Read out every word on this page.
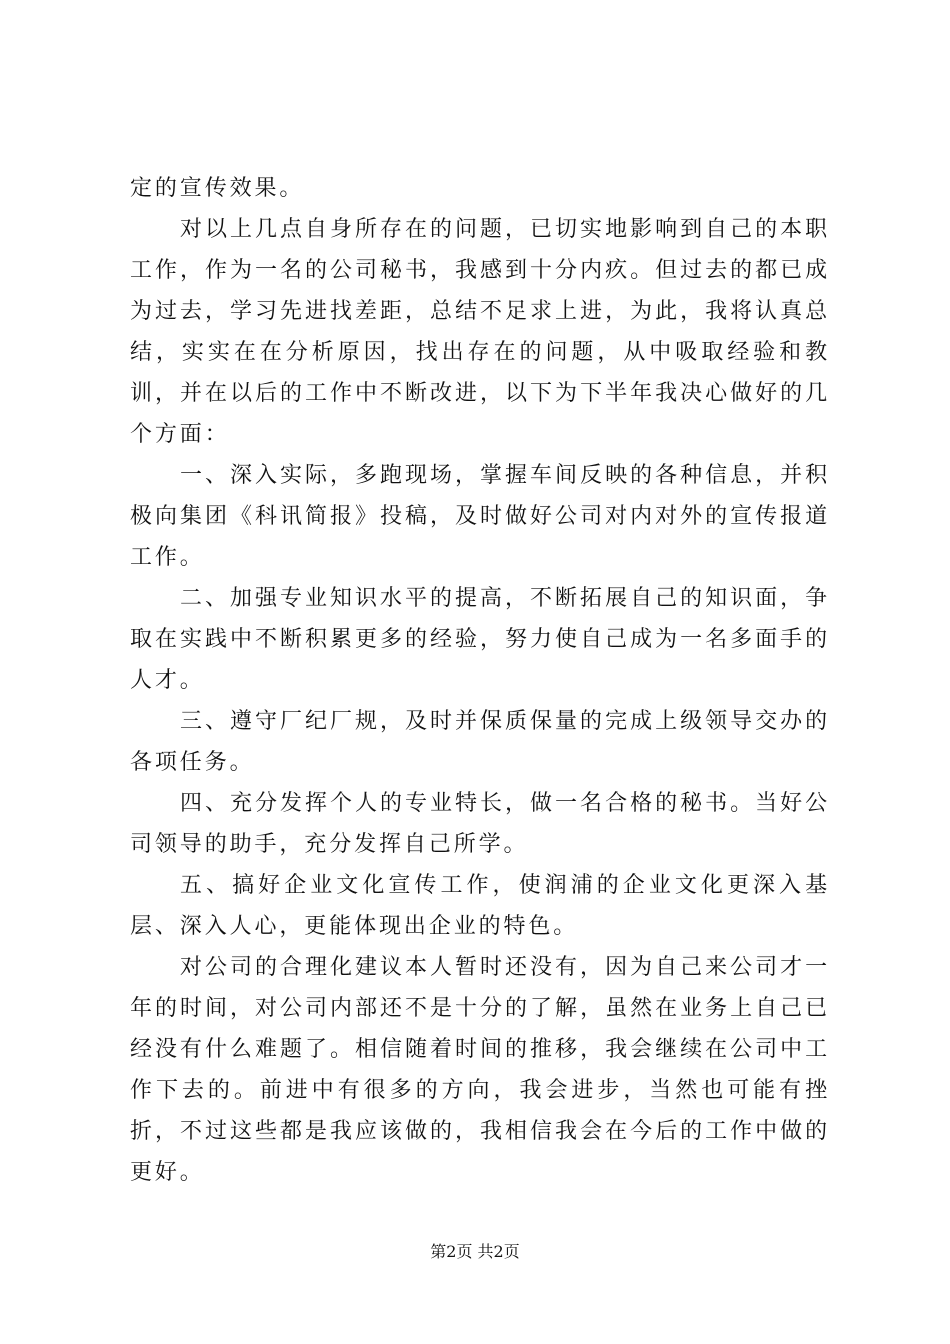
定的宣传效果。

对以上几点自身所存在的问题，已切实地影响到自己的本职工作，作为一名的公司秘书，我感到十分内疚。但过去的都已成为过去，学习先进找差距，总结不足求上进，为此，我将认真总结，实实在在分析原因，找出存在的问题，从中吸取经验和教训，并在以后的工作中不断改进，以下为下半年我决心做好的几个方面：

一、深入实际，多跑现场，掌握车间反映的各种信息，并积极向集团《科讯简报》投稿，及时做好公司对内对外的宣传报道工作。

二、加强专业知识水平的提高，不断拓展自己的知识面，争取在实践中不断积累更多的经验，努力使自己成为一名多面手的人才。

三、遵守厂纪厂规，及时并保质保量的完成上级领导交办的各项任务。

四、充分发挥个人的专业特长，做一名合格的秘书。当好公司领导的助手，充分发挥自己所学。

五、搞好企业文化宣传工作，使润浦的企业文化更深入基层、深入人心，更能体现出企业的特色。

对公司的合理化建议本人暂时还没有，因为自己来公司才一年的时间，对公司内部还不是十分的了解，虽然在业务上自己已经没有什么难题了。相信随着时间的推移，我会继续在公司中工作下去的。前进中有很多的方向，我会进步，当然也可能有挫折，不过这些都是我应该做的，我相信我会在今后的工作中做的更好。

第2页 共2页
